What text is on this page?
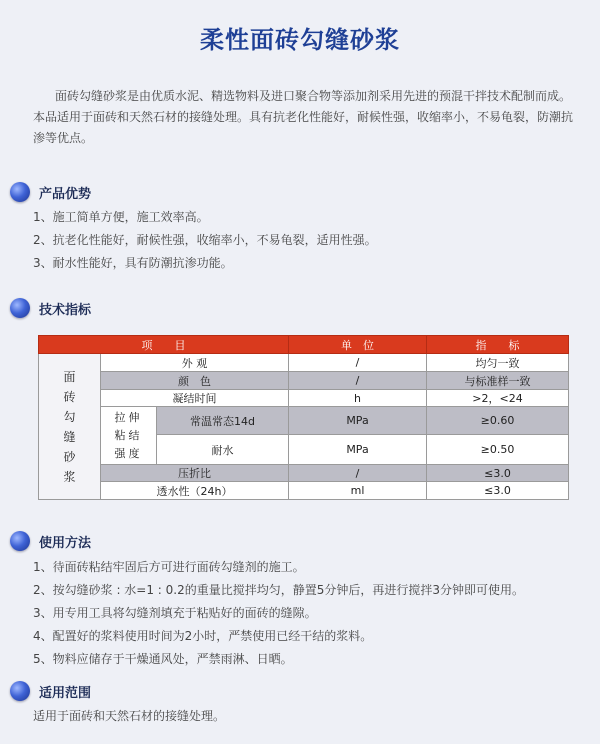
柔性面砖勾缝砂浆
面砖勾缝砂浆是由优质水泥、精选物料及进口聚合物等添加剂采用先进的预混干拌技术配制而成。本品适用于面砖和天然石材的接缝处理。具有抗老化性能好，耐候性强，收缩率小，不易龟裂，防潮抗渗等优点。
产品优势
1、施工简单方便，施工效率高。
2、抗老化性能好，耐候性强，收缩率小，不易龟裂，适用性强。
3、耐水性能好，具有防潮抗渗功能。
技术指标
项　　目			单　位	指　　标

面砖勾缝砂浆	外 观		/	均匀一致
	颜　色		/	与标准样一致
	凝结时间		h	>2，<24

	拉伸粘结强度	常温常态14d	MPa	≥0.60
		耐水	MPa	≥0.50
	压折比		/	≤3.0
	透水性（24h）		ml	≤3.0
使用方法
1、待面砖粘结牢固后方可进行面砖勾缝剂的施工。
2、按勾缝砂浆 : 水=1 : 0.2的重量比搅拌均匀，静置5分钟后，再进行搅拌3分钟即可使用。
3、用专用工具将勾缝剂填充于粘贴好的面砖的缝隙。
4、配置好的浆料使用时间为2小时，严禁使用已经干结的浆料。
5、物料应储存于干燥通风处，严禁雨淋、日晒。
适用范围
适用于面砖和天然石材的接缝处理。
